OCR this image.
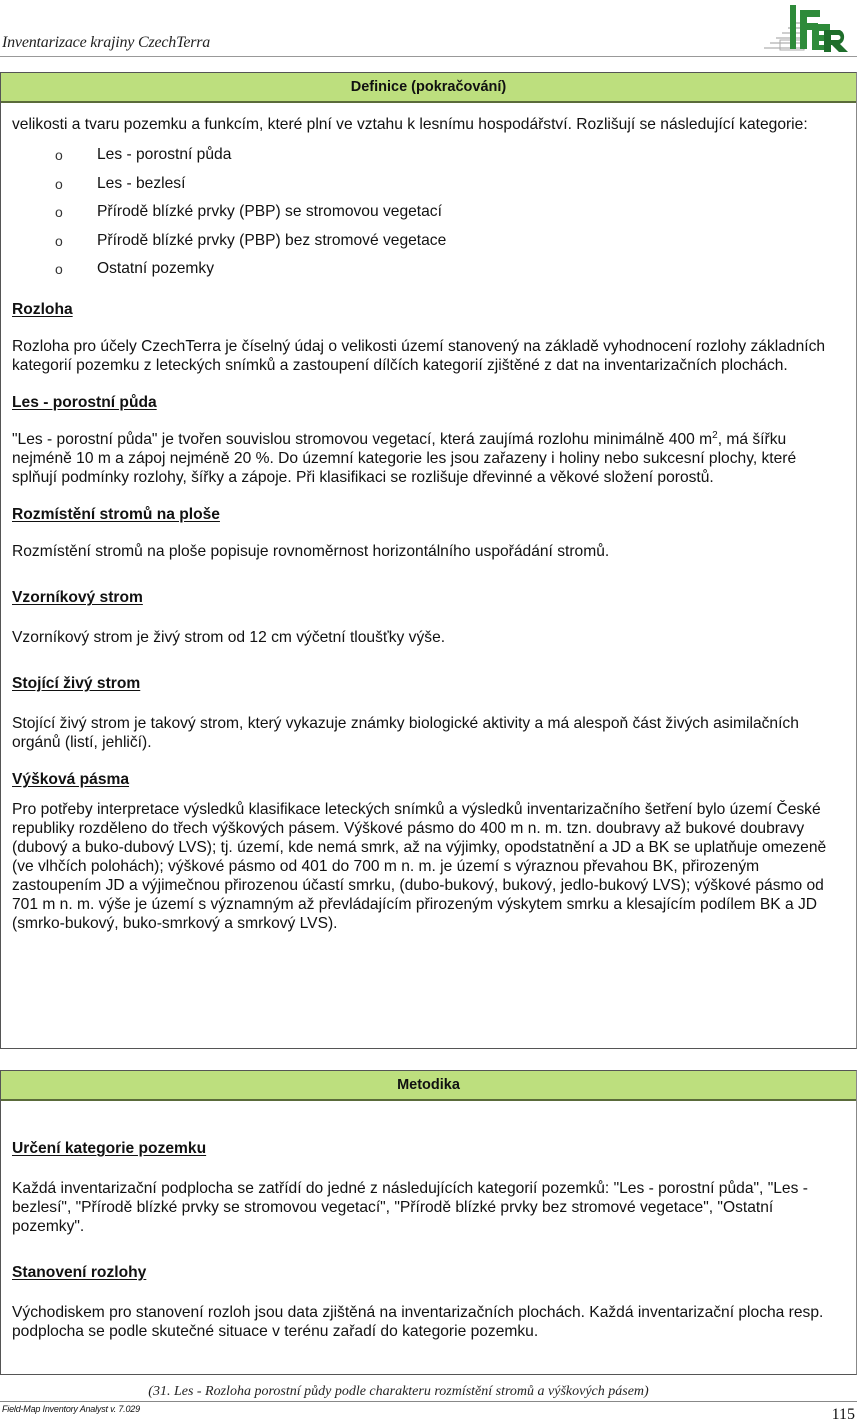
Inventarizace krajiny CzechTerra
Definice (pokračování)

velikosti a tvaru pozemku a funkcím, které plní ve vztahu k lesnímu hospodářství. Rozlišují se následující kategorie:

o	Les - porostní půda
o	Les - bezlesí
o	Přírodě blízké prvky (PBP) se stromovou vegetací
o	Přírodě blízké prvky (PBP) bez stromové vegetace
o	Ostatní pozemky
Rozloha

Rozloha pro účely CzechTerra je číselný údaj o velikosti území stanovený na základě vyhodnocení rozlohy základních kategorií pozemku z leteckých snímků a zastoupení dílčích kategorií zjištěné z dat na inventarizačních plochách.

Les - porostní půda

"Les - porostní půda" je tvořen souvislou stromovou vegetací, která zaujímá rozlohu minimálně 400 $m^2$, má šířku nejméně 10 m a zápoj nejméně 20 %. Do územní kategorie les jsou zařazeny i holiny nebo sukcesní plochy, které splňují podmínky rozlohy, šířky a zápoje. Při klasifikaci se rozlišuje dřevinné a věkové složení porostů.

Rozmístění stromů na ploše

Rozmístění stromů na ploše popisuje rovnoměrnost horizontálního uspořádání stromů.

Vzorníkový strom

Vzorníkový strom je živý strom od 12 cm výčetní tloušťky výše.

Stojící živý strom

Stojící živý strom je takový strom, který vykazuje známky biologické aktivity a má alespoň část živých asimilačních orgánů (listí, jehličí).

Výšková pásma

Pro potřeby interpretace výsledků klasifikace leteckých snímků a výsledků inventarizačního šetření bylo území České republiky rozděleno do třech výškových pásem. Výškové pásmo do 400 m n. m. tzn. doubravy až bukové doubravy (dubový a buko-dubový LVS); tj. území, kde nemá smrk, až na výjimky, opodstatnění a JD a BK se uplatňuje omezeně (ve vlhčích polohách); výškové pásmo od 401 do 700 m n. m. je území s výraznou převahou BK, přirozeným zastoupením JD a výjimečnou přirozenou účastí smrku, (dubo-bukový, bukový, jedlo-bukový LVS); výškové pásmo od 701 m n. m. výše je území s významným až převládajícím přirozeným výskytem smrku a klesajícím podílem BK a JD (smrko-bukový, buko-smrkový a smrkový LVS).

Metodika
Určení kategorie pozemku

Každá inventarizační podplocha se zatřídí do jedné z následujících kategorií pozemků: "Les - porostní půda", "Les - bezlesí", "Přírodě blízké prvky se stromovou vegetací", "Přírodě blízké prvky bez stromové vegetace", "Ostatní pozemky".

Stanovení rozlohy

Východiskem pro stanovení rozloh jsou data zjištěná na inventarizačních plochách. Každá inventarizační plocha resp. podplocha se podle skutečné situace v terénu zařadí do kategorie pozemku.

(31. Les - Rozloha porostní půdy podle charakteru rozmístění stromů a výškových pásem)
Field-Map Inventory Analyst v. 7.029	115
